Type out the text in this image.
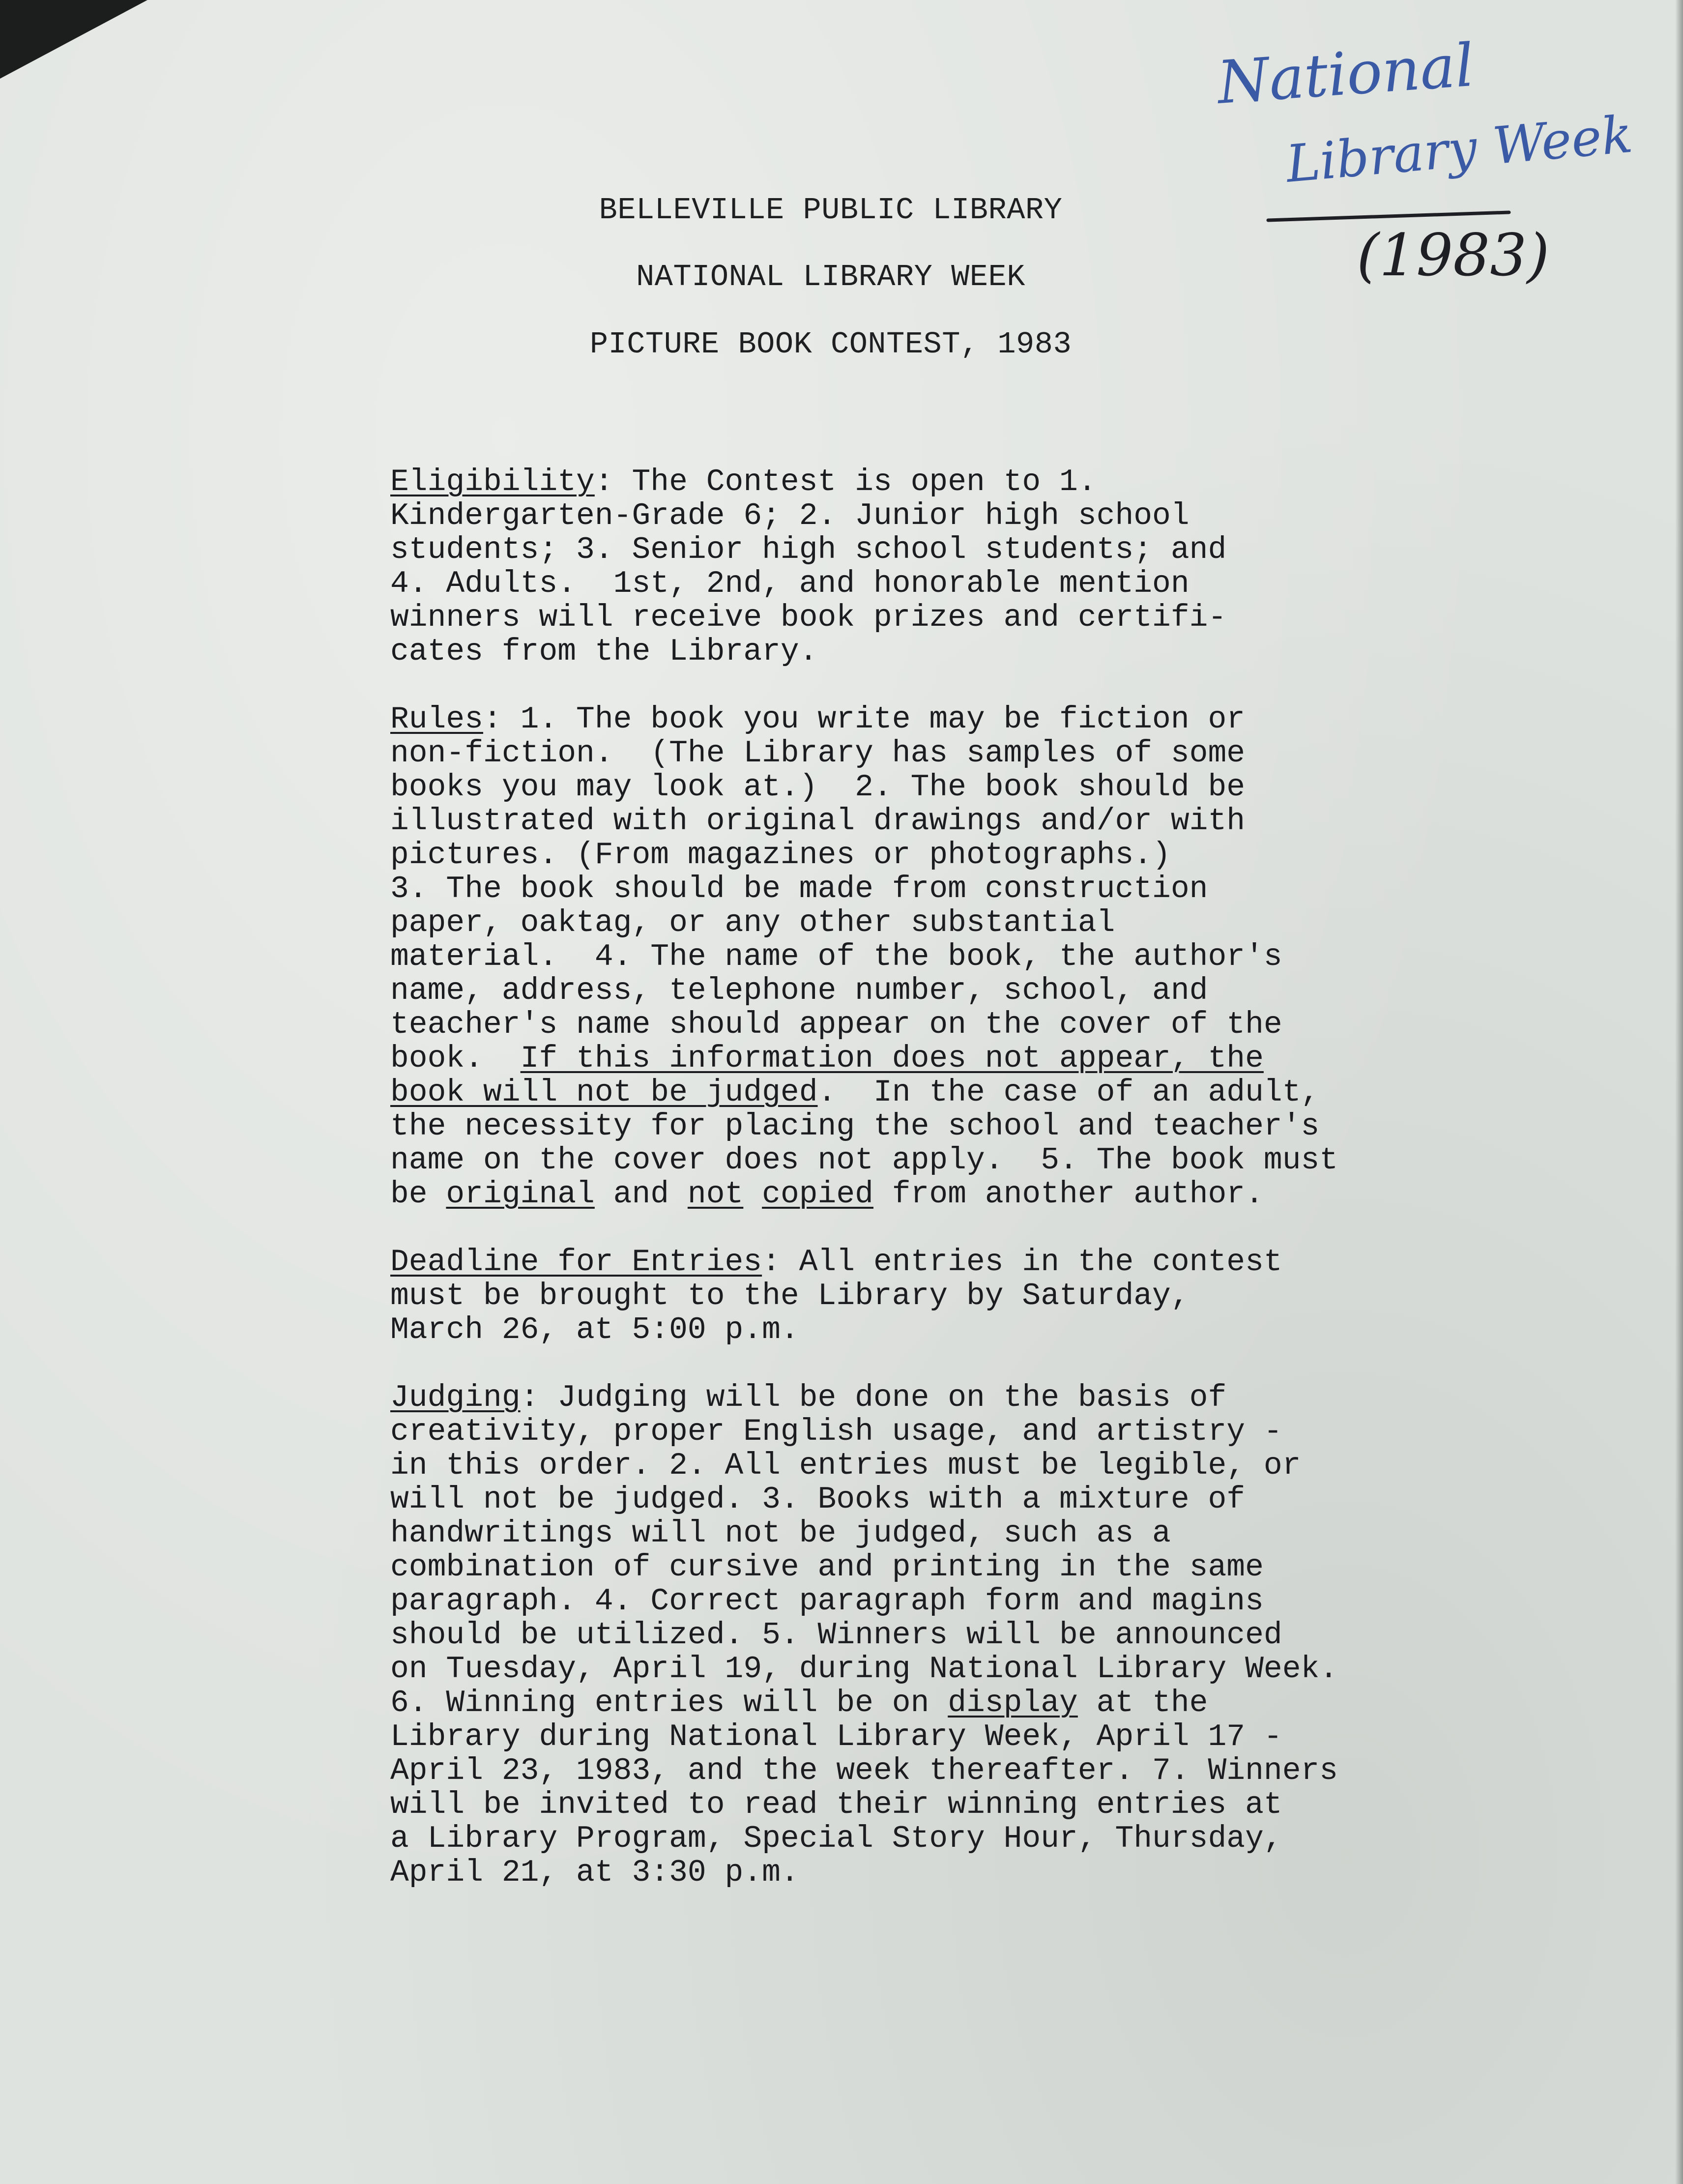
National
Library Week
(1983)
BELLEVILLE PUBLIC LIBRARY
NATIONAL LIBRARY WEEK
PICTURE BOOK CONTEST, 1983
Eligibility: The Contest is open to 1.
Kindergarten-Grade 6; 2. Junior high school
students; 3. Senior high school students; and
4. Adults.  1st, 2nd, and honorable mention
winners will receive book prizes and certifi-
cates from the Library.
Rules: 1. The book you write may be fiction or
non-fiction.  (The Library has samples of some
books you may look at.)  2. The book should be
illustrated with original drawings and/or with
pictures. (From magazines or photographs.)
3. The book should be made from construction
paper, oaktag, or any other substantial
material.  4. The name of the book, the author's
name, address, telephone number, school, and
teacher's name should appear on the cover of the
book.  If this information does not appear, the
book will not be judged.  In the case of an adult,
the necessity for placing the school and teacher's
name on the cover does not apply.  5. The book must
be original and not copied from another author.
Deadline for Entries: All entries in the contest
must be brought to the Library by Saturday,
March 26, at 5:00 p.m.
Judging: Judging will be done on the basis of
creativity, proper English usage, and artistry -
in this order. 2. All entries must be legible, or
will not be judged. 3. Books with a mixture of
handwritings will not be judged, such as a
combination of cursive and printing in the same
paragraph. 4. Correct paragraph form and magins
should be utilized. 5. Winners will be announced
on Tuesday, April 19, during National Library Week.
6. Winning entries will be on display at the
Library during National Library Week, April 17 -
April 23, 1983, and the week thereafter. 7. Winners
will be invited to read their winning entries at
a Library Program, Special Story Hour, Thursday,
April 21, at 3:30 p.m.
